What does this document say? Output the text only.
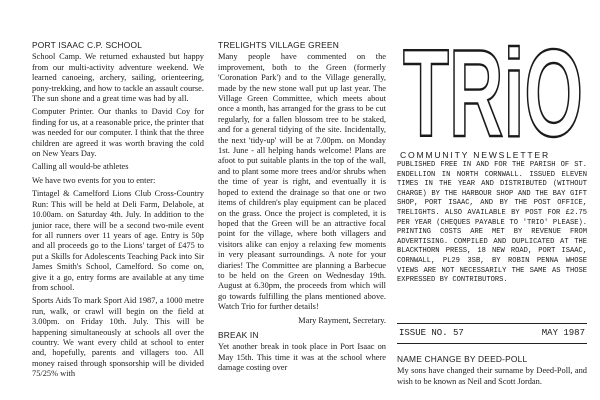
PORT ISAAC C.P. SCHOOL

School Camp. We returned exhausted but happy from our multi-activity adventure weekend. We learned canoeing, archery, sailing, orienteering, pony-trekking, and how to tackle an assault course. The sun shone and a great time was had by all.

Computer Printer. Our thanks to David Coy for finding for us, at a reasonable price, the printer that was needed for our computer. I think that the three children are agreed it was worth braving the cold on New Years Day.

Calling all would-be athletes
We have two events for you to enter:

Tintagel & Camelford Lions Club Cross-Country Run: This will be held at Deli Farm, Delabole, at 10.00am. on Saturday 4th. July. In addition to the junior race, there will be a second two-mile event for all runners over 11 years of age. Entry is 50p and all proceeds go to the Lions' target of £475 to put a Skills for Adolescents Teaching Pack into Sir James Smith's School, Camelford. So come on, give it a go, entry forms are available at any time from school.

Sports Aids To mark Sport Aid 1987, a 1000 metre run, walk, or crawl will begin on the field at 3.00pm. on Friday 10th. July. This will be happening simultaneously at schools all over the country. We want every child at school to enter and, hopefully, parents and villagers too. All money raised through sponsorship will be divided 75/25% with

TRELIGHTS VILLAGE GREEN

Many people have commented on the improvement, both to the Green (formerly 'Coronation Park') and to the Village generally, made by the new stone wall put up last year. The Village Green Committee, which meets about once a month, has arranged for the grass to be cut regularly, for a fallen blossom tree to be staked, and for a general tidying of the site. Incidentally, the next 'tidy-up' will be at 7.00pm. on Monday 1st. June - all helping hands welcome! Plans are afoot to put suitable plants in the top of the wall, and to plant some more trees and/or shrubs when the time of year is right, and eventually it is hoped to extend the drainage so that one or two items of children's play equipment can be placed on the grass. Once the project is completed, it is hoped that the Green will be an attractive focal point for the village, where both villagers and visitors alike can enjoy a relaxing few moments in very pleasant surroundings. A note for your diaries! The Committee are planning a Barbecue to be held on the Green on Wednesday 19th. August at 6.30pm, the proceeds from which will go towards fulfilling the plans mentioned above. Watch Trio for further details!

Mary Rayment, Secretary.
BREAK IN

Yet another break in took place in Port Isaac on May 15th. This time it was at the school where damage costing over

TRiO
COMMUNITY NEWSLETTER
PUBLISHED FREE IN AND FOR THE PARISH OF ST. ENDELLION IN NORTH CORNWALL. ISSUED ELEVEN TIMES IN THE YEAR AND DISTRIBUTED (WITHOUT CHARGE) BY THE HARBOUR SHOP AND THE BAY GIFT SHOP, PORT ISAAC, AND BY THE POST OFFICE, TRELIGHTS. ALSO AVAILABLE BY POST FOR £2.75 PER YEAR (CHEQUES PAYABLE TO 'TRIO' PLEASE). PRINTING COSTS ARE MET BY REVENUE FROM ADVERTISING. COMPILED AND DUPLICATED AT THE BLACKTHORN PRESS, 18 NEW ROAD, PORT ISAAC, CORNWALL, PL29 3SB, BY ROBIN PENNA WHOSE VIEWS ARE NOT NECESSARILY THE SAME AS THOSE EXPRESSED BY CONTRIBUTORS.
ISSUE NO. 57	MAY 1987
NAME CHANGE BY DEED-POLL

My sons have changed their surname by Deed-Poll, and wish to be known as Neil and Scott Jordan.
